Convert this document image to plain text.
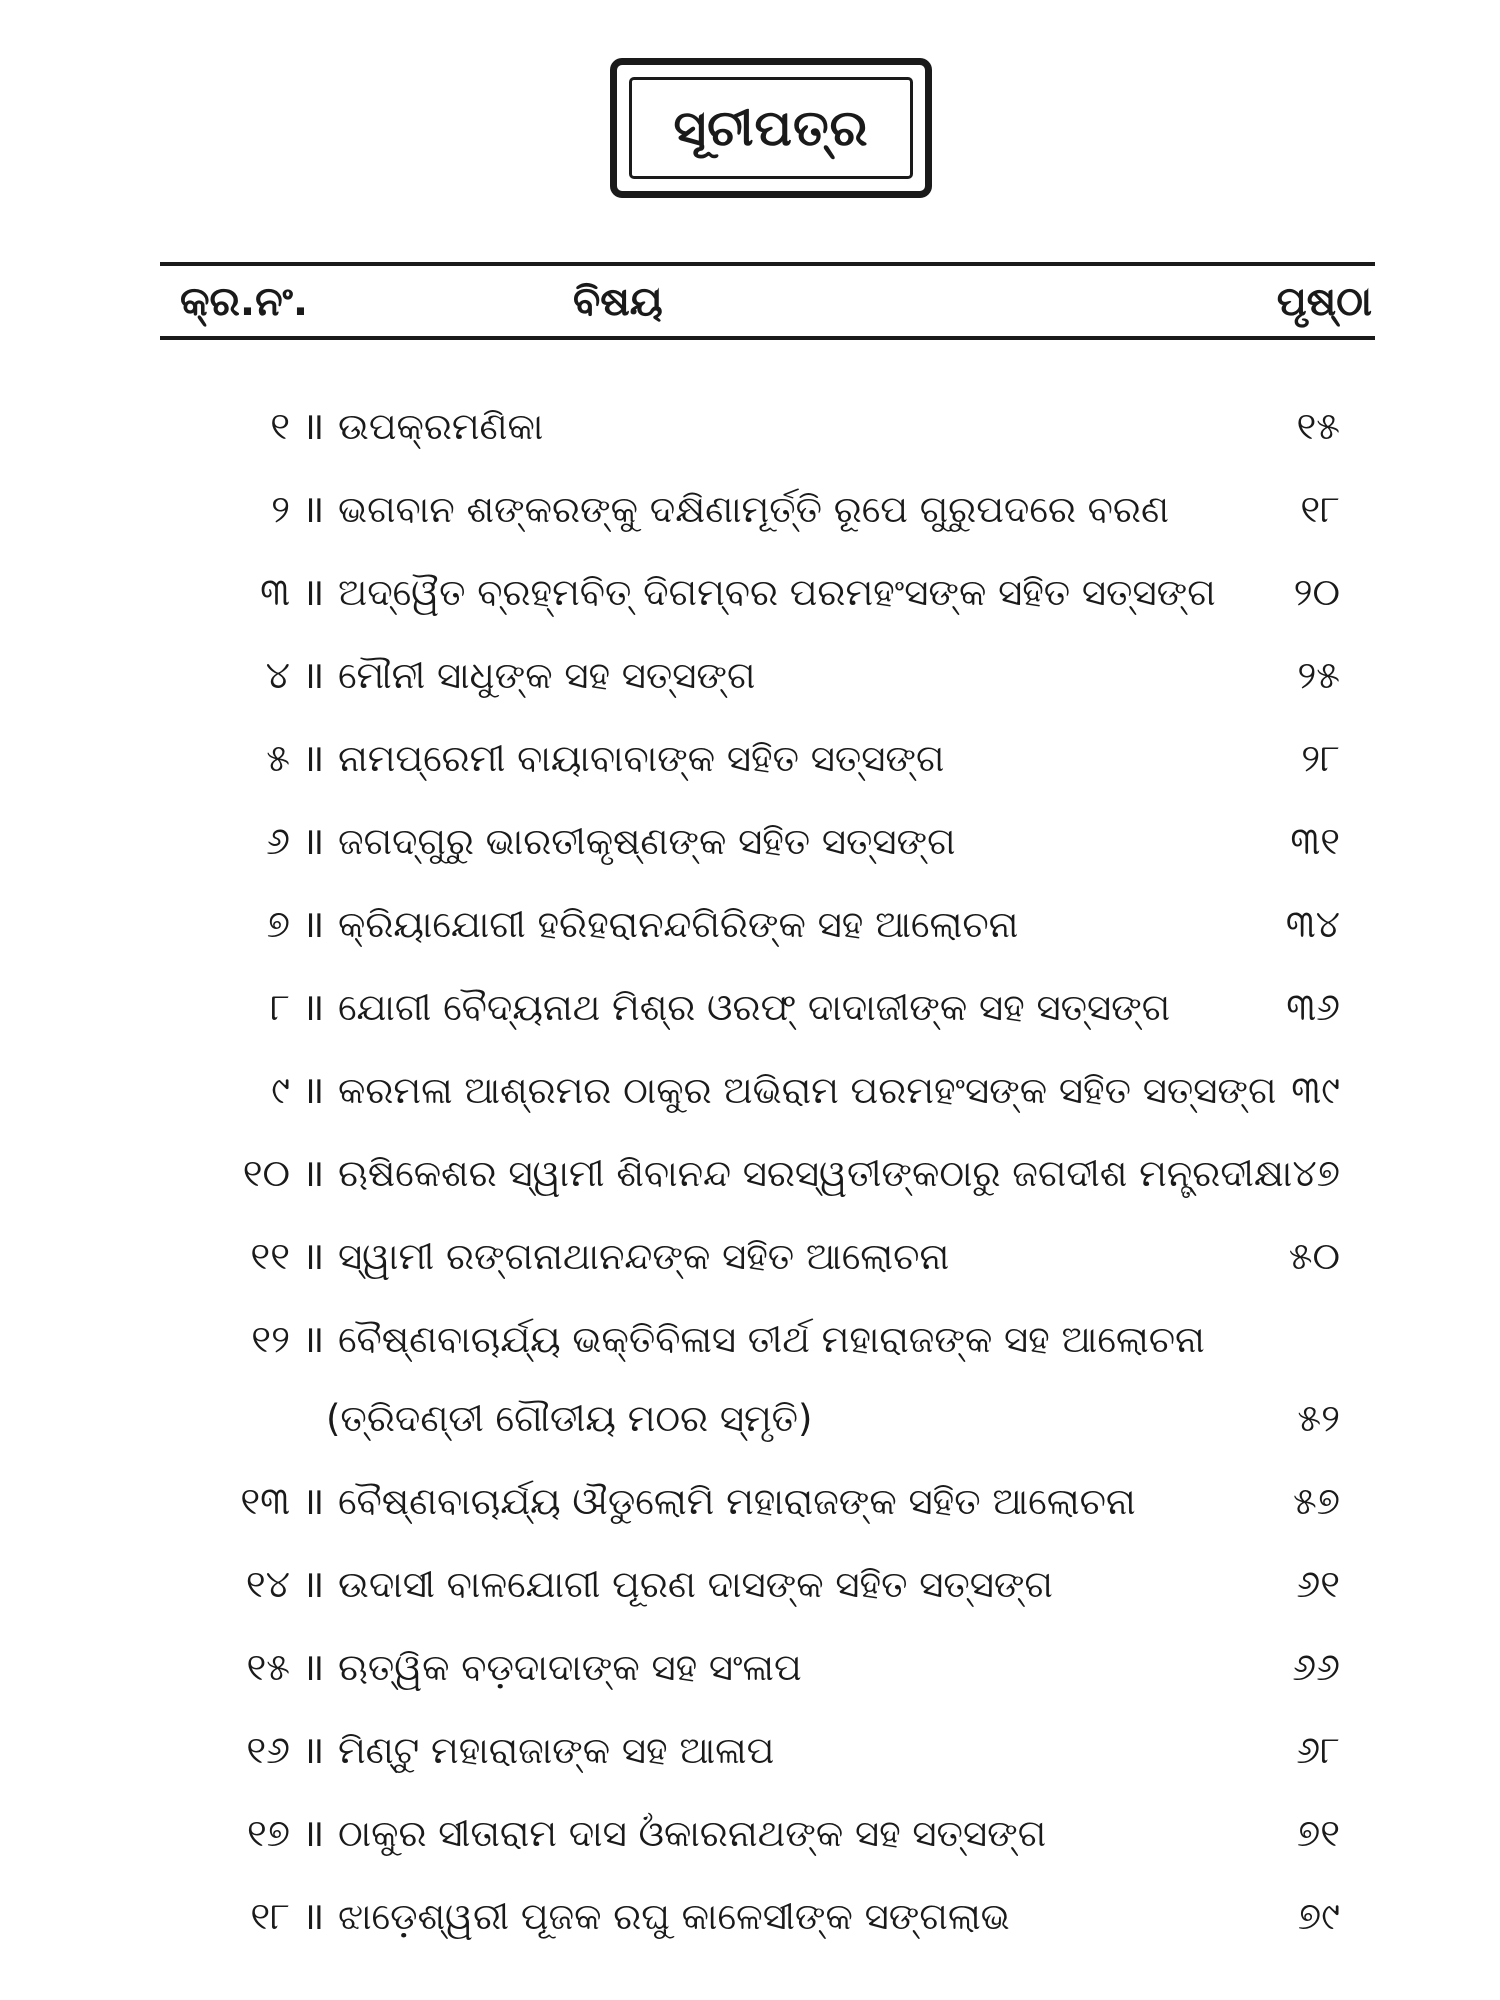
ସୂଚୀପତ୍ର
କ୍ର.ନଂ.	ବିଷୟ	ପୃଷ୍ଠା
୧ ॥ ଉପକ୍ରମଣିକା	୧୫
୨ ॥ ଭଗବାନ ଶଙ୍କରଙ୍କୁ ଦକ୍ଷିଣାମୂର୍ତ୍ତି ରୂପେ ଗୁରୁପଦରେ ବରଣ	୧୮
୩ ॥ ଅଦ୍ୱୈତ ବ୍ରହ୍ମବିତ୍ ଦିଗମ୍ବର ପରମହଂସଙ୍କ ସହିତ ସତ୍ସଙ୍ଗ	୨୦
୪ ॥ ମୌନୀ ସାଧୁଙ୍କ ସହ ସତ୍ସଙ୍ଗ	୨୫
୫ ॥ ନାମପ୍ରେମୀ ବାୟାବାବାଙ୍କ ସହିତ ସତ୍ସଙ୍ଗ	୨୮
୬ ॥ ଜଗଦ୍ଗୁରୁ ଭାରତୀକୃଷ୍ଣଙ୍କ ସହିତ ସତ୍ସଙ୍ଗ	୩୧
୭ ॥ କ୍ରିୟାଯୋଗୀ ହରିହରାନନ୍ଦଗିରିଙ୍କ ସହ ଆଲୋଚନା	୩୪
୮ ॥ ଯୋଗୀ ବୈଦ୍ୟନାଥ ମିଶ୍ର ଓରଫ୍ ଦାଦାଜୀଙ୍କ ସହ ସତ୍ସଙ୍ଗ	୩୬
୯ ॥ କରମଳା ଆଶ୍ରମର ଠାକୁର ଅଭିରାମ ପରମହଂସଙ୍କ ସହିତ ସତ୍ସଙ୍ଗ ୩୯
୧୦ ॥ ଋଷିକେଶର ସ୍ୱାମୀ ଶିବାନନ୍ଦ ସରସ୍ୱତୀଙ୍କଠାରୁ ଜଗଦୀଶ ମନ୍ତ୍ରଦୀକ୍ଷା ୪୭
୧୧ ॥ ସ୍ୱାମୀ ରଙ୍ଗନାଥାନନ୍ଦଙ୍କ ସହିତ ଆଲୋଚନା	୫୦
୧୨ ॥ ବୈଷ୍ଣବାଚାର୍ଯ୍ୟ ଭକ୍ତିବିଳାସ ତୀର୍ଥ ମହାରାଜଙ୍କ ସହ ଆଲୋଚନା
(ତ୍ରିଦଣ୍ଡୀ ଗୌଡୀୟ ମଠର ସ୍ମୃତି)	୫୨
୧୩ ॥ ବୈଷ୍ଣବାଚାର୍ଯ୍ୟ ଔଡୁଲୋମି ମହାରାଜଙ୍କ ସହିତ ଆଲୋଚନା	୫୭
୧୪ ॥ ଉଦାସୀ ବାଳଯୋଗୀ ପୂରଣ ଦାସଙ୍କ ସହିତ ସତ୍ସଙ୍ଗ	୬୧
୧୫ ॥ ଋତ୍ୱିକ ବଡ଼ଦାଦାଙ୍କ ସହ ସଂଳାପ	୬୬
୧୬ ॥ ମିଣ୍ଟୁ ମହାରାଜାଙ୍କ ସହ ଆଳାପ	୬୮
୧୭ ॥ ଠାକୁର ସୀତାରାମ ଦାସ ଓଁକାରନାଥଙ୍କ ସହ ସତ୍ସଙ୍ଗ	୭୧
୧୮ ॥ ଝାଡ଼େଶ୍ୱରୀ ପୂଜକ ରଘୁ କାଳେସୀଙ୍କ ସଙ୍ଗଲାଭ	୭୯
